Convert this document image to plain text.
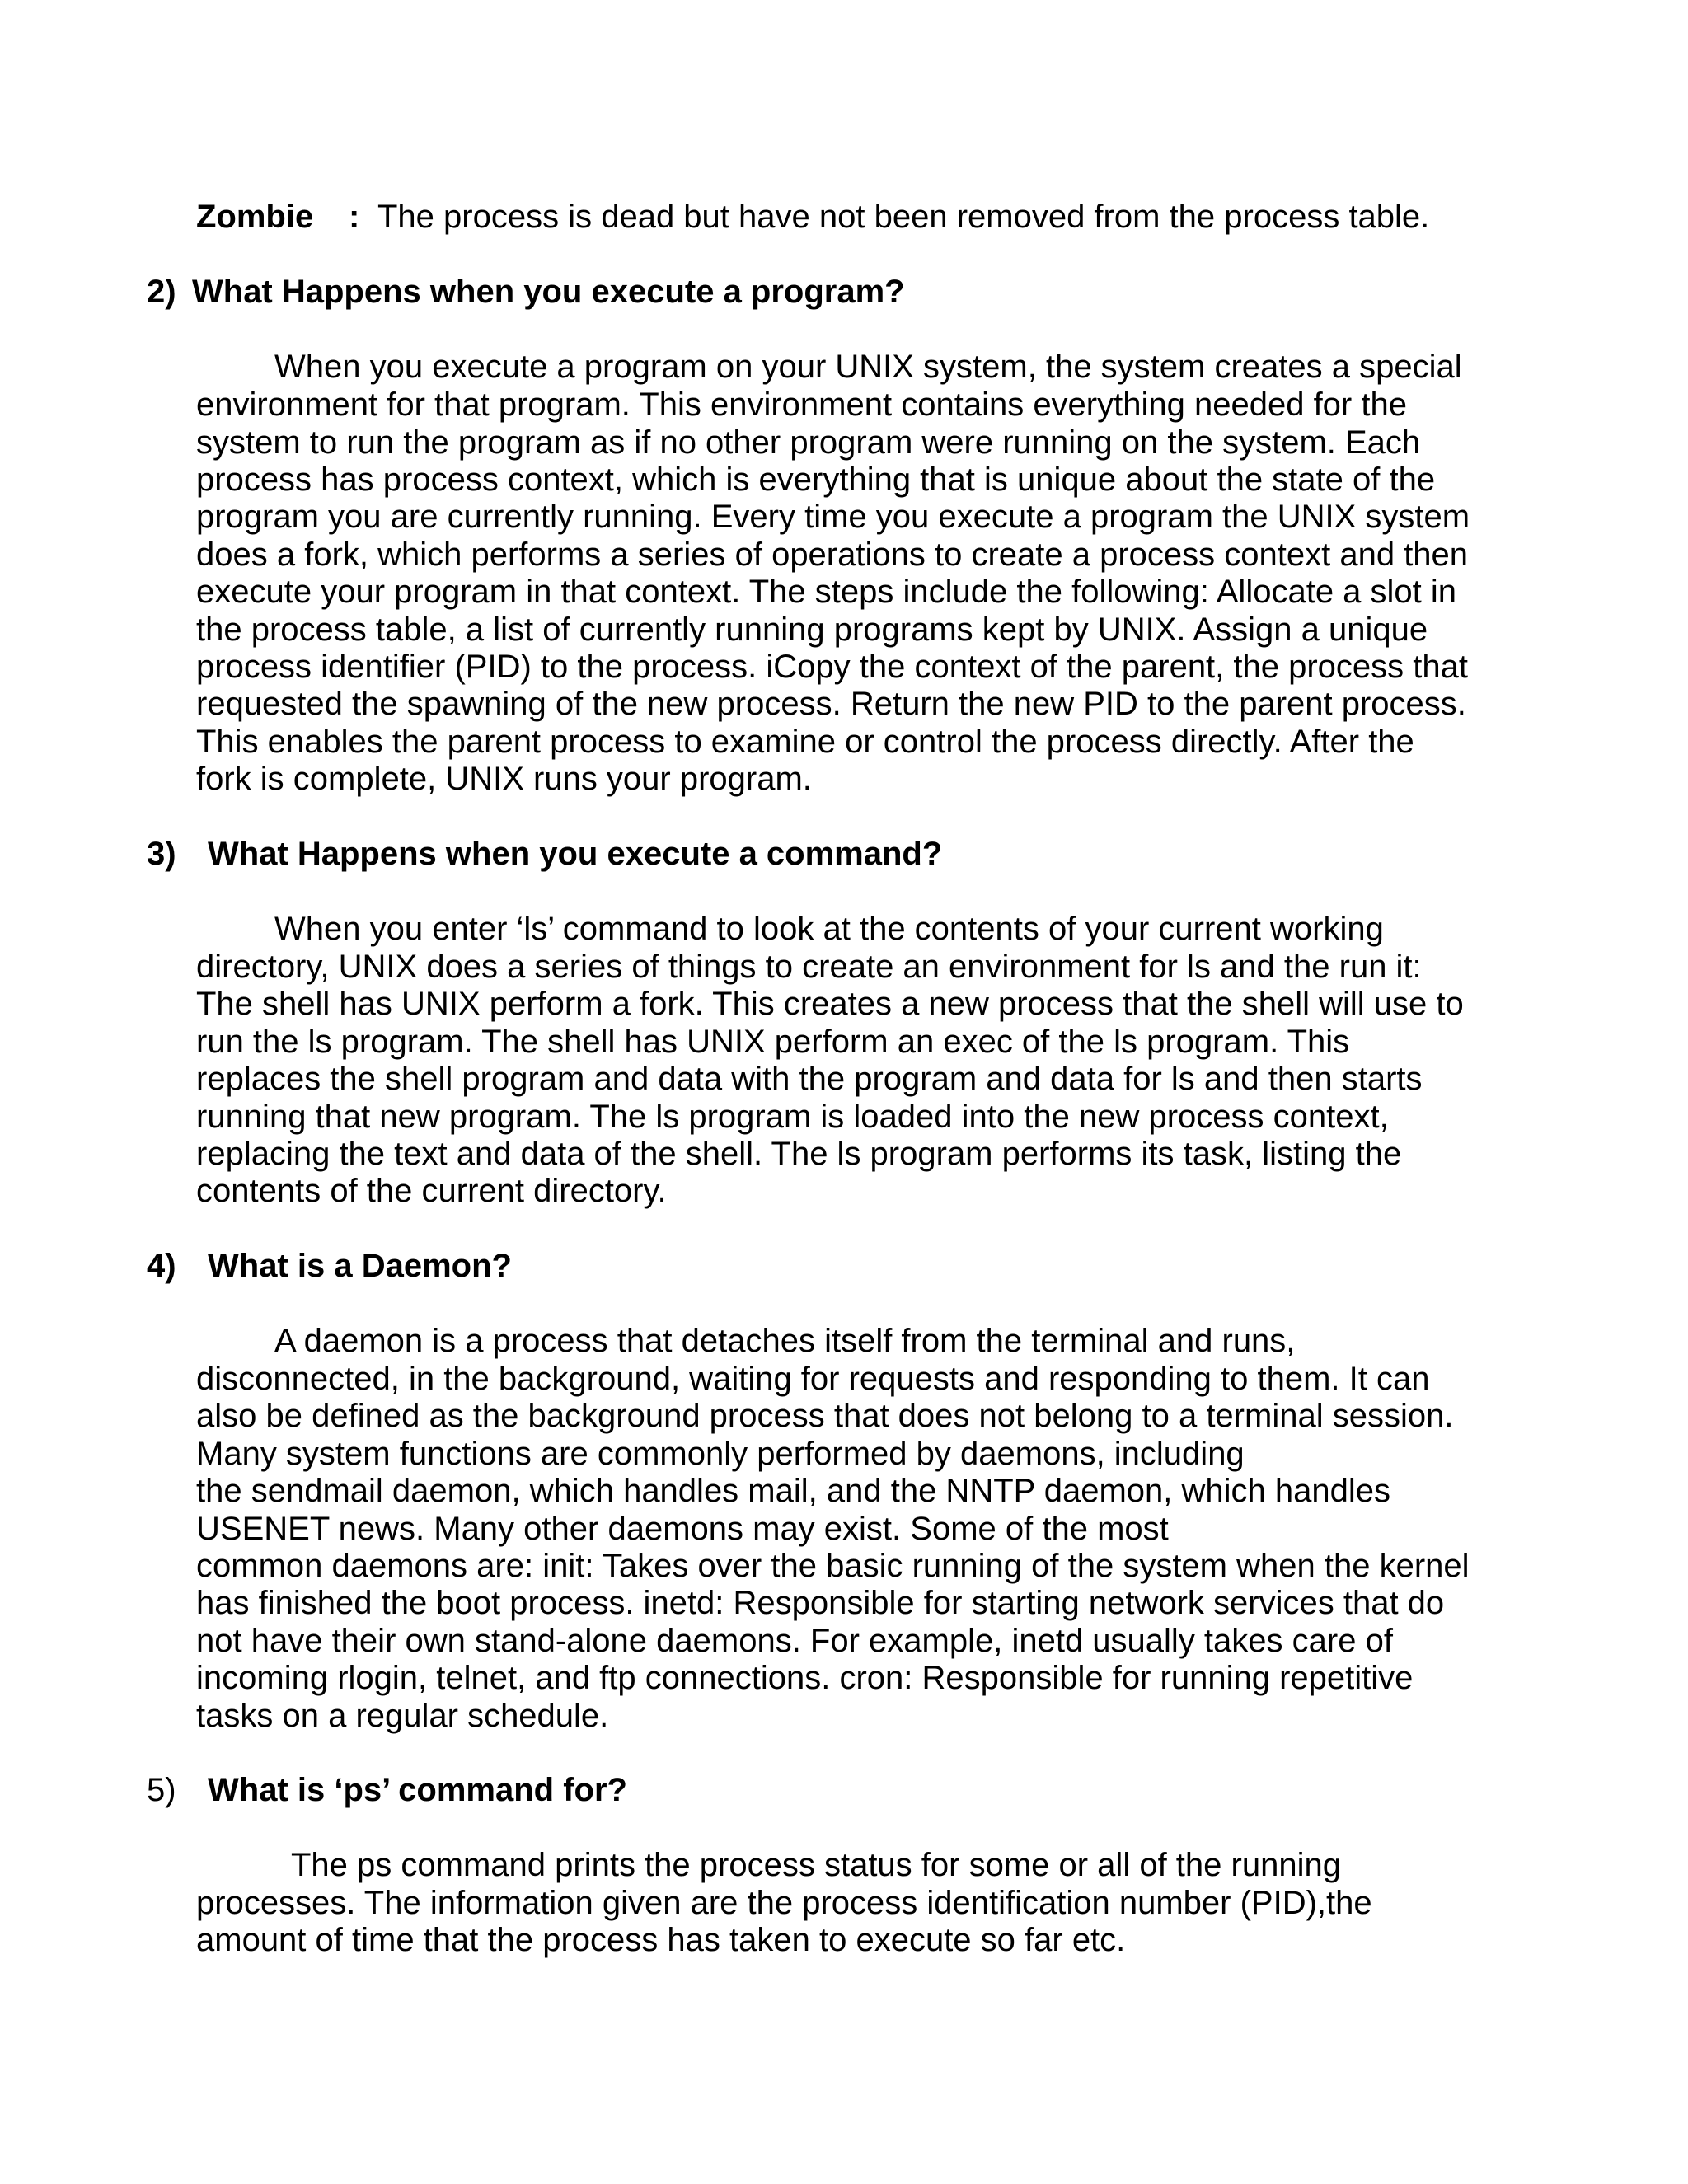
Zombie : The process is dead but have not been removed from the process table.
2) What Happens when you execute a program?
When you execute a program on your UNIX system, the system creates a special
environment for that program. This environment contains everything needed for the
system to run the program as if no other program were running on the system. Each
process has process context, which is everything that is unique about the state of the
program you are currently running. Every time you execute a program the UNIX system
does a fork, which performs a series of operations to create a process context and then
execute your program in that context. The steps include the following: Allocate a slot in
the process table, a list of currently running programs kept by UNIX. Assign a unique
process identifier (PID) to the process. iCopy the context of the parent, the process that
requested the spawning of the new process. Return the new PID to the parent process.
This enables the parent process to examine or control the process directly. After the
fork is complete, UNIX runs your program.
3) What Happens when you execute a command?
When you enter ‘ls’ command to look at the contents of your current working
directory, UNIX does a series of things to create an environment for ls and the run it:
The shell has UNIX perform a fork. This creates a new process that the shell will use to
run the ls program. The shell has UNIX perform an exec of the ls program. This
replaces the shell program and data with the program and data for ls and then starts
running that new program. The ls program is loaded into the new process context,
replacing the text and data of the shell. The ls program performs its task, listing the
contents of the current directory.
4) What is a Daemon?
A daemon is a process that detaches itself from the terminal and runs,
disconnected, in the background, waiting for requests and responding to them. It can
also be defined as the background process that does not belong to a terminal session.
Many system functions are commonly performed by daemons, including
the sendmail daemon, which handles mail, and the NNTP daemon, which handles
USENET news. Many other daemons may exist. Some of the most
common daemons are: init: Takes over the basic running of the system when the kernel
has finished the boot process. inetd: Responsible for starting network services that do
not have their own stand-alone daemons. For example, inetd usually takes care of
incoming rlogin, telnet, and ftp connections. cron: Responsible for running repetitive
tasks on a regular schedule.
5) What is ‘ps’ command for?
The ps command prints the process status for some or all of the running
processes. The information given are the process identification number (PID),the
amount of time that the process has taken to execute so far etc.
